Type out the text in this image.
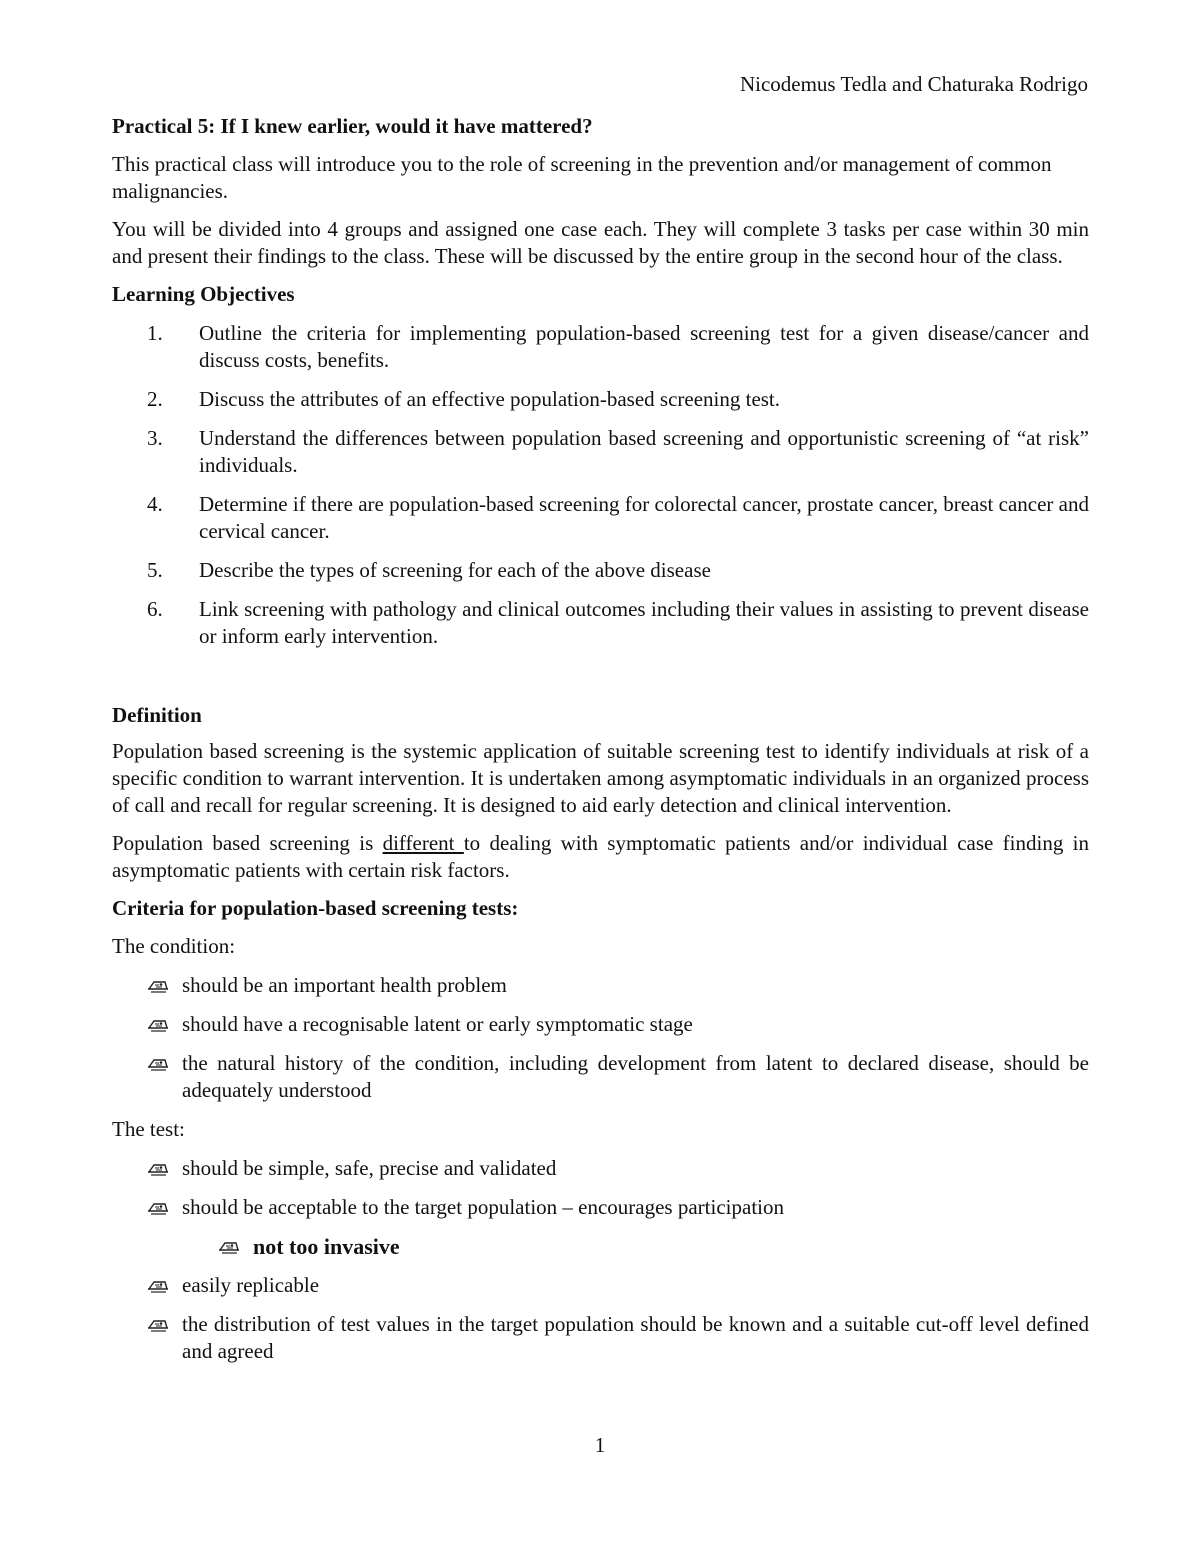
Nicodemus Tedla and Chaturaka Rodrigo
Practical 5: If I knew earlier, would it have mattered?

This practical class will introduce you to the role of screening in the prevention and/or management of common malignancies.

You will be divided into 4 groups and assigned one case each. They will complete 3 tasks per case within 30 min and present their findings to the class. These will be discussed by the entire group in the second hour of the class.

Learning Objectives
1. Outline the criteria for implementing population-based screening test for a given disease/cancer and discuss costs, benefits.
2. Discuss the attributes of an effective population-based screening test.
3. Understand the differences between population based screening and opportunistic screening of “at risk” individuals.
4. Determine if there are population-based screening for colorectal cancer, prostate cancer, breast cancer and cervical cancer.
5. Describe the types of screening for each of the above disease
6. Link screening with pathology and clinical outcomes including their values in assisting to prevent disease or inform early intervention.
Definition

Population based screening is the systemic application of suitable screening test to identify individuals at risk of a specific condition to warrant intervention. It is undertaken among asymptomatic individuals in an organized process of call and recall for regular screening. It is designed to aid early detection and clinical intervention.

Population based screening is different to dealing with symptomatic patients and/or individual case finding in asymptomatic patients with certain risk factors.

Criteria for population-based screening tests:

The condition:

should be an important health problem
should have a recognisable latent or early symptomatic stage
the natural history of the condition, including development from latent to declared disease, should be adequately understood

The test:

should be simple, safe, precise and validated
should be acceptable to the target population – encourages participation
not too invasive
easily replicable
the distribution of test values in the target population should be known and a suitable cut-off level defined and agreed
1
